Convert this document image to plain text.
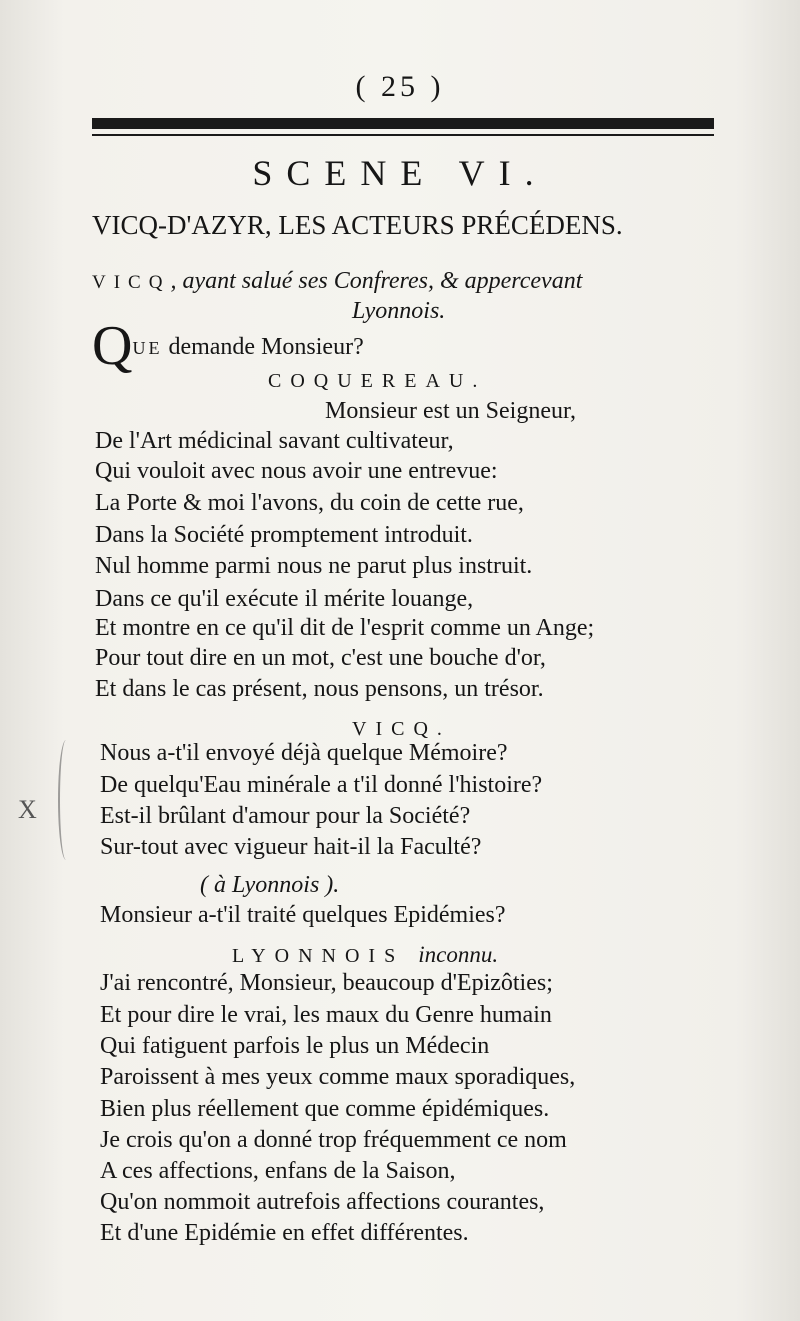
( 25 )
SCENE VI.
VICQ-D'AZYR, LES ACTEURS PRÉCÉDENS.
VICQ, ayant salué ses Confreres, & appercevant
Lyonnois.
QUE demande Monsieur?
COQUEREAU.
Monsieur est un Seigneur,
De l'Art médicinal savant cultivateur,
Qui vouloit avec nous avoir une entrevue:
La Porte & moi l'avons, du coin de cette rue,
Dans la Société promptement introduit.
Nul homme parmi nous ne parut plus instruit.
Dans ce qu'il exécute il mérite louange,
Et montre en ce qu'il dit de l'esprit comme un Ange;
Pour tout dire en un mot, c'est une bouche d'or,
Et dans le cas présent, nous pensons, un trésor.
VICQ.
Nous a-t'il envoyé déjà quelque Mémoire?
De quelqu'Eau minérale a t'il donné l'histoire?
Est-il brûlant d'amour pour la Société?
Sur-tout avec vigueur hait-il la Faculté?
( à Lyonnois ).
Monsieur a-t'il traité quelques Epidémies?
LYONNOIS inconnu.
J'ai rencontré, Monsieur, beaucoup d'Epizôties;
Et pour dire le vrai, les maux du Genre humain
Qui fatiguent parfois le plus un Médecin
Paroissent à mes yeux comme maux sporadiques,
Bien plus réellement que comme épidémiques.
Je crois qu'on a donné trop fréquemment ce nom
A ces affections, enfans de la Saison,
Qu'on nommoit autrefois affections courantes,
Et d'une Epidémie en effet différentes.
X
